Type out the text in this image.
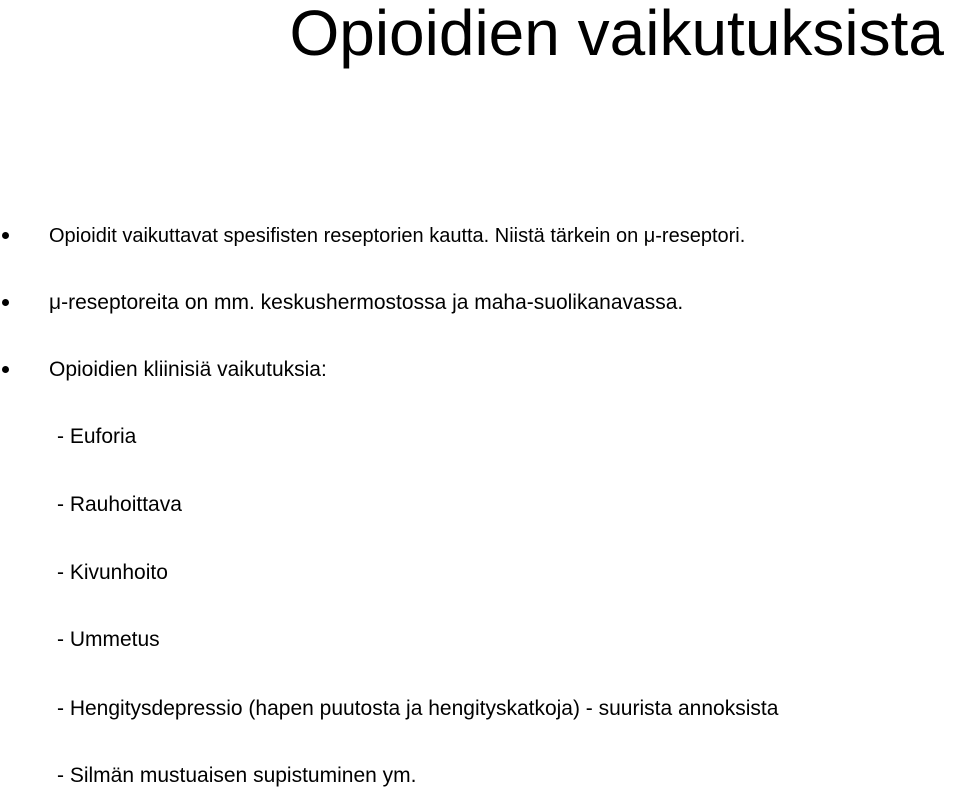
Opioidien vaikutuksista
Opioidit vaikuttavat spesifisten reseptorien kautta. Niistä tärkein on μ-reseptori.
μ-reseptoreita on mm. keskushermostossa ja maha-suolikanavassa.
Opioidien kliinisiä vaikutuksia:
- Euforia
- Rauhoittava
- Kivunhoito
- Ummetus
- Hengitysdepressio (hapen puutosta ja hengityskatkoja) - suurista annoksista
- Silmän mustuaisen supistuminen ym.
